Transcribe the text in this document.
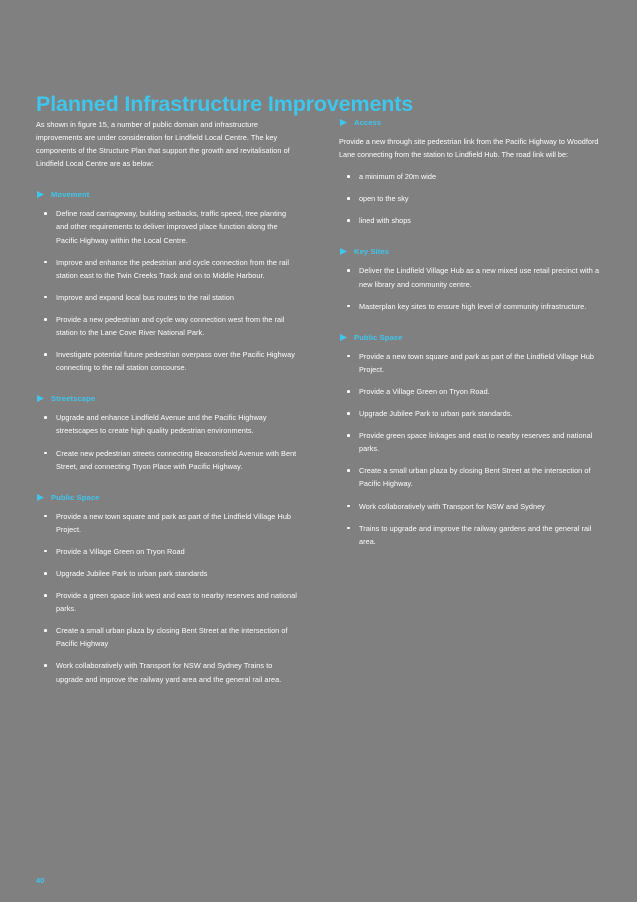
Planned Infrastructure Improvements

As shown in figure 15, a number of public domain and infrastructure improvements are under consideration for Lindfield Local Centre. The key components of the Structure Plan that support the growth and revitalisation of Lindfield Local Centre are as below:

Movement
Define road carriageway, building setbacks, traffic speed, tree planting and other requirements to deliver improved place function along the Pacific Highway within the Local Centre.
Improve and enhance the pedestrian and cycle connection from the rail station east to the Twin Creeks Track and on to Middle Harbour.
Improve and expand local bus routes to the rail station
Provide a new pedestrian and cycle way connection west from the rail station to the Lane Cove River National Park.
Investigate potential future pedestrian overpass over the Pacific Highway connecting to the rail station concourse.
Streetscape
Upgrade and enhance Lindfield Avenue and the Pacific Highway streetscapes to create high quality pedestrian environments.
Create new pedestrian streets connecting Beaconsfield Avenue with Bent Street, and connecting Tryon Place with Pacific Highway.
Public Space
Provide a new town square and park as part of the Lindfield Village Hub Project.
Provide a Village Green on Tryon Road
Upgrade Jubilee Park to urban park standards
Provide a green space link west and east to nearby reserves and national parks.
Create a small urban plaza by closing Bent Street at the intersection of Pacific Highway
Work collaboratively with Transport for NSW and Sydney Trains to upgrade and improve the railway yard area and the general rail area.
Access

Provide a new through site pedestrian link from the Pacific Highway to Woodford Lane connecting from the station to Lindfield Hub. The road link will be:

a minimum of 20m wide
open to the sky
lined with shops
Key Sites
Deliver the Lindfield Village Hub as a new mixed use retail precinct with a new library and community centre.
Masterplan key sites to ensure high level of community infrastructure.
Public Space
Provide a new town square and park as part of the Lindfield Village Hub Project.
Provide a Village Green on Tryon Road.
Upgrade Jubilee Park to urban park standards.
Provide green space linkages and east to nearby reserves and national parks.
Create a small urban plaza by closing Bent Street at the intersection of Pacific Highway.
Work collaboratively with Transport for NSW and Sydney
Trains to upgrade and improve the railway gardens and the general rail area.
40
